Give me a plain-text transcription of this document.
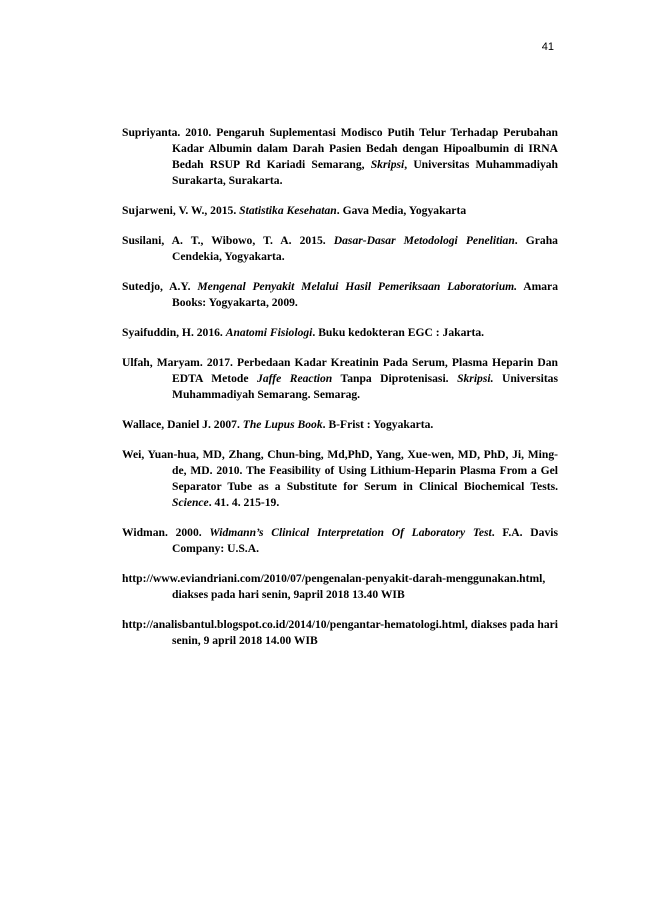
41

Supriyanta. 2010. Pengaruh Suplementasi Modisco Putih Telur Terhadap Perubahan Kadar Albumin dalam Darah Pasien Bedah dengan Hipoalbumin di IRNA Bedah RSUP Rd Kariadi Semarang, Skripsi, Universitas Muhammadiyah Surakarta, Surakarta.

Sujarweni, V. W., 2015. Statistika Kesehatan. Gava Media, Yogyakarta

Susilani, A. T., Wibowo, T. A. 2015. Dasar-Dasar Metodologi Penelitian. Graha Cendekia, Yogyakarta.

Sutedjo, A.Y. Mengenal Penyakit Melalui Hasil Pemeriksaan Laboratorium. Amara Books: Yogyakarta, 2009.

Syaifuddin, H. 2016. Anatomi Fisiologi. Buku kedokteran EGC : Jakarta.

Ulfah, Maryam. 2017. Perbedaan Kadar Kreatinin Pada Serum, Plasma Heparin Dan EDTA Metode Jaffe Reaction Tanpa Diprotenisasi. Skripsi. Universitas Muhammadiyah Semarang. Semarag.

Wallace, Daniel J. 2007. The Lupus Book. B-Frist : Yogyakarta.

Wei, Yuan-hua, MD, Zhang, Chun-bing, Md,PhD, Yang, Xue-wen, MD, PhD, Ji, Ming-de, MD. 2010. The Feasibility of Using Lithium-Heparin Plasma From a Gel Separator Tube as a Substitute for Serum in Clinical Biochemical Tests. Science. 41. 4. 215-19.

Widman. 2000. Widmann’s Clinical Interpretation Of Laboratory Test. F.A. Davis Company: U.S.A.

http://www.eviandriani.com/2010/07/pengenalan-penyakit-darah-menggunakan.html, diakses pada hari senin, 9april 2018 13.40 WIB

http://analisbantul.blogspot.co.id/2014/10/pengantar-hematologi.html, diakses pada hari senin, 9 april 2018 14.00 WIB
